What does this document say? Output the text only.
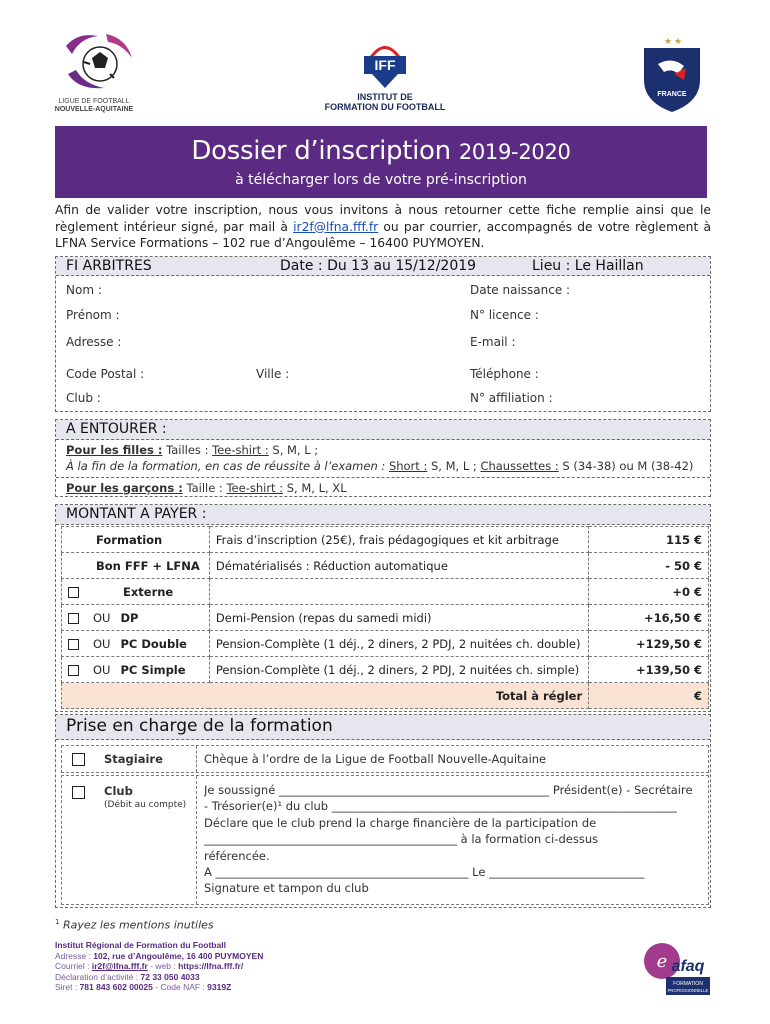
LIGUE DE FOOTBALL
NOUVELLE-AQUITAINE
IFF
INSTITUT DE
FORMATION DU FOOTBALL
★ ★
FRANCE
Dossier d’inscription 2019-2020
à télécharger lors de votre pré-inscription
Afin de valider votre inscription, nous vous invitons à nous retourner cette fiche remplie ainsi que le règlement intérieur signé, par mail à ir2f@lfna.fff.fr ou par courrier, accompagnés de votre règlement à LFNA Service Formations – 102 rue d’Angoulême – 16400 PUYMOYEN.
FI ARBITRES	Date : Du 13 au 15/12/2019	Lieu : Le Haillan
Nom :	Date naissance :
Prénom :	N° licence :
Adresse :	E-mail :
Code Postal :	Ville :	Téléphone :
Club :	N° affiliation :
A ENTOURER :
Pour les filles : Tailles : Tee-shirt : S, M, L ;
À la fin de la formation, en cas de réussite à l’examen : Short : S, M, L ; Chaussettes : S (34-38) ou M (38-42)
Pour les garçons : Taille : Tee-shirt : S, M, L, XL
MONTANT A PAYER :
Formation	Frais d’inscription (25€), frais pédagogiques et kit arbitrage	115 €
Bon FFF + LFNA	Dématérialisés : Réduction automatique	- 50 €
Externe		+0 €
OU DP	Demi-Pension (repas du samedi midi)	+16,50 €
OU PC Double	Pension-Complète (1 déj., 2 diners, 2 PDJ, 2 nuitées ch. double)	+129,50 €
OU PC Simple	Pension-Complète (1 déj., 2 diners, 2 PDJ, 2 nuitées ch. simple)	+139,50 €
Total à régler		€
Prise en charge de la formation
Stagiaire	Chèque à l’ordre de la Ligue de Football Nouvelle-Aquitaine
Club
(Débit au compte)
Je soussigné _______________________________________________ Président(e) - Secrétaire
- Trésorier(e)¹ du club ____________________________________________________________
Déclare que le club prend la charge financière de la participation de
____________________________________________ à la formation ci-dessus
référencée.
A ____________________________________________ Le ___________________________
Signature et tampon du club
$^1$ Rayez les mentions inutiles
Institut Régional de Formation du Football
Adresse : 102, rue d’Angoulême, 16 400 PUYMOYEN
Courriel : ir2f@lfna.fff.fr - web : https://lfna.fff.fr/
Déclaration d’activité : 72 33 050 4033
Siret : 781 843 602 00025 - Code NAF : 9319Z
e afaq
FORMATION
PROFESSIONNELLE
